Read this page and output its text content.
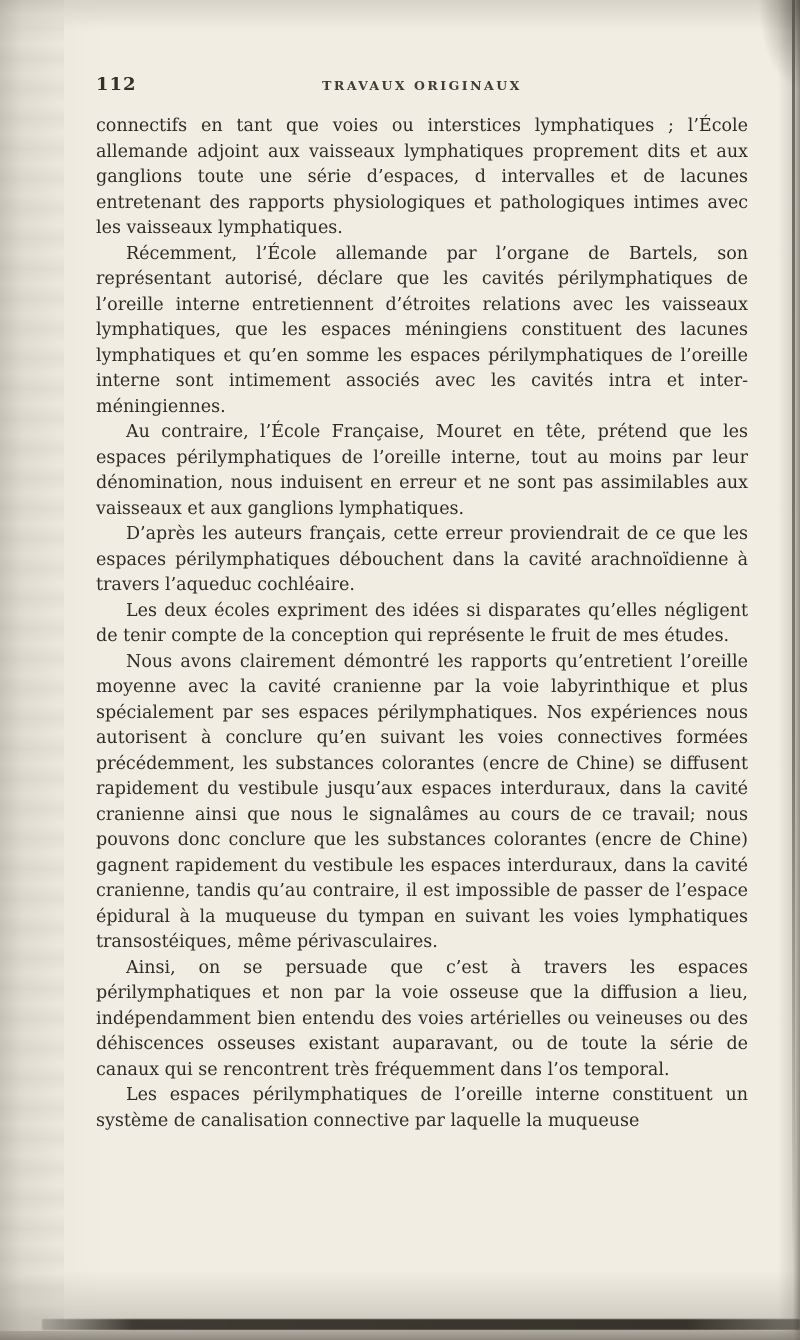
112	TRAVAUX ORIGINAUX

connectifs en tant que voies ou interstices lymphatiques ; l’École allemande adjoint aux vaisseaux lymphatiques proprement dits et aux ganglions toute une série d’espaces, d intervalles et de lacunes entretenant des rapports physiologiques et pathologiques intimes avec les vaisseaux lymphatiques.

Récemment, l’École allemande par l’organe de Bartels, son représentant autorisé, déclare que les cavités périlymphatiques de l’oreille interne entretiennent d’étroites relations avec les vaisseaux lymphatiques, que les espaces méningiens constituent des lacunes lymphatiques et qu’en somme les espaces périlymphatiques de l’oreille interne sont intimement associés avec les cavités intra et inter-méningiennes.

Au contraire, l’École Française, Mouret en tête, prétend que les espaces périlymphatiques de l’oreille interne, tout au moins par leur dénomination, nous induisent en erreur et ne sont pas assimilables aux vaisseaux et aux ganglions lymphatiques.

D’après les auteurs français, cette erreur proviendrait de ce que les espaces périlymphatiques débouchent dans la cavité arachnoïdienne à travers l’aqueduc cochléaire.

Les deux écoles expriment des idées si disparates qu’elles négligent de tenir compte de la conception qui représente le fruit de mes études.

Nous avons clairement démontré les rapports qu’entretient l’oreille moyenne avec la cavité cranienne par la voie labyrinthique et plus spécialement par ses espaces périlymphatiques. Nos expériences nous autorisent à conclure qu’en suivant les voies connectives formées précédemment, les substances colorantes (encre de Chine) se diffusent rapidement du vestibule jusqu’aux espaces interduraux, dans la cavité cranienne ainsi que nous le signalâmes au cours de ce travail; nous pouvons donc conclure que les substances colorantes (encre de Chine) gagnent rapidement du vestibule les espaces interduraux, dans la cavité cranienne, tandis qu’au contraire, il est impossible de passer de l’espace épidural à la muqueuse du tympan en suivant les voies lymphatiques transostéiques, même périvasculaires.

Ainsi, on se persuade que c’est à travers les espaces périlymphatiques et non par la voie osseuse que la diffusion a lieu, indépendamment bien entendu des voies artérielles ou veineuses ou des déhiscences osseuses existant auparavant, ou de toute la série de canaux qui se rencontrent très fréquemment dans l’os temporal.

Les espaces périlymphatiques de l’oreille interne constituent un système de canalisation connective par laquelle la muqueuse
